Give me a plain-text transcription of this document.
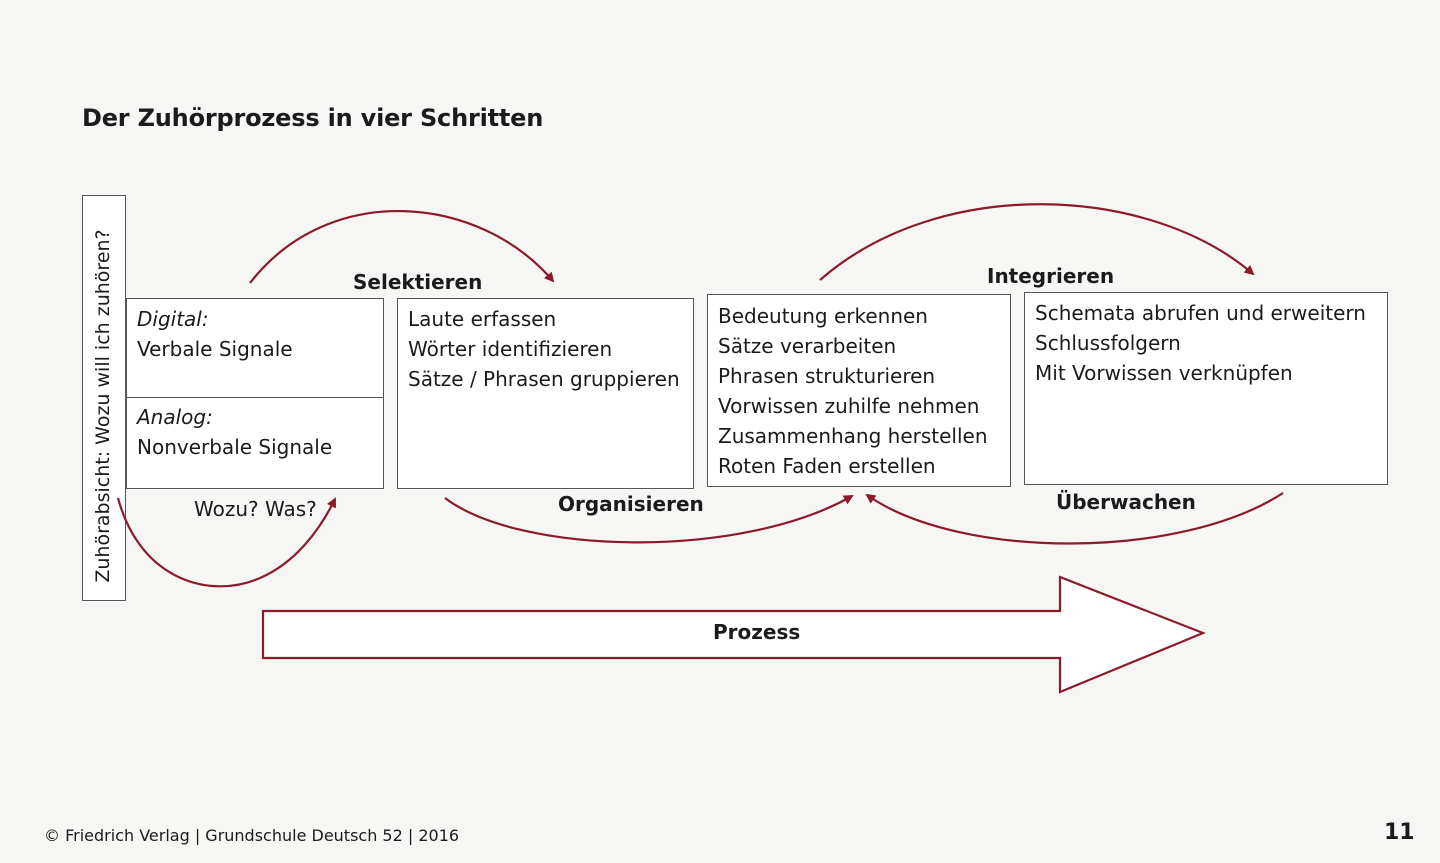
Der Zuhörprozess in vier Schritten
Zuhörabsicht: Wozu will ich zuhören? Digital:
Verbale Signale
Analog:
Nonverbale Signale
Laute erfassen
Wörter identifizieren
Sätze / Phrasen gruppieren
Bedeutung erkennen
Sätze verarbeiten
Phrasen strukturieren
Vorwissen zuhilfe nehmen
Zusammenhang herstellen
Roten Faden erstellen
Schemata abrufen und erweitern
Schlussfolgern
Mit Vorwissen verknüpfen
Selektieren	Integrieren
Wozu? Was?	Organisieren	Überwachen
Prozess
© Friedrich Verlag | Grundschule Deutsch 52 | 2016	11
